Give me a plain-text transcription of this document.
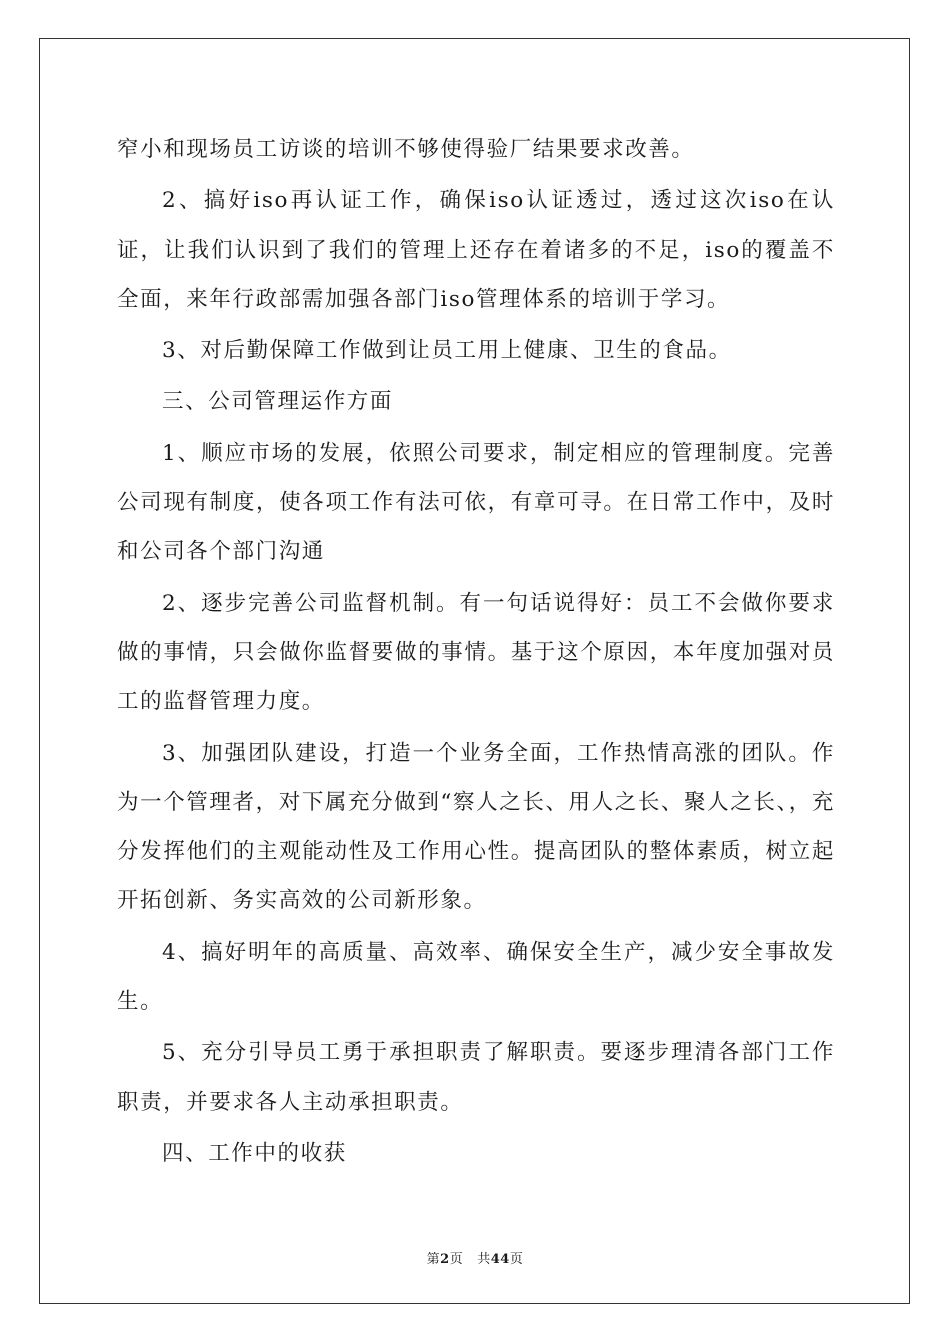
窄小和现场员工访谈的培训不够使得验厂结果要求改善。

2、搞好iso再认证工作，确保iso认证透过，透过这次iso在认证，让我们认识到了我们的管理上还存在着诸多的不足，iso的覆盖不全面，来年行政部需加强各部门iso管理体系的培训于学习。

3、对后勤保障工作做到让员工用上健康、卫生的食品。

三、公司管理运作方面

1、顺应市场的发展，依照公司要求，制定相应的管理制度。完善公司现有制度，使各项工作有法可依，有章可寻。在日常工作中，及时和公司各个部门沟通

2、逐步完善公司监督机制。有一句话说得好：员工不会做你要求做的事情，只会做你监督要做的事情。基于这个原因，本年度加强对员工的监督管理力度。

3、加强团队建设，打造一个业务全面，工作热情高涨的团队。作为一个管理者，对下属充分做到“察人之长、用人之长、聚人之长、，充分发挥他们的主观能动性及工作用心性。提高团队的整体素质，树立起开拓创新、务实高效的公司新形象。

4、搞好明年的高质量、高效率、确保安全生产，减少安全事故发生。

5、充分引导员工勇于承担职责了解职责。要逐步理清各部门工作职责，并要求各人主动承担职责。

四、工作中的收获

第2页 共44页
